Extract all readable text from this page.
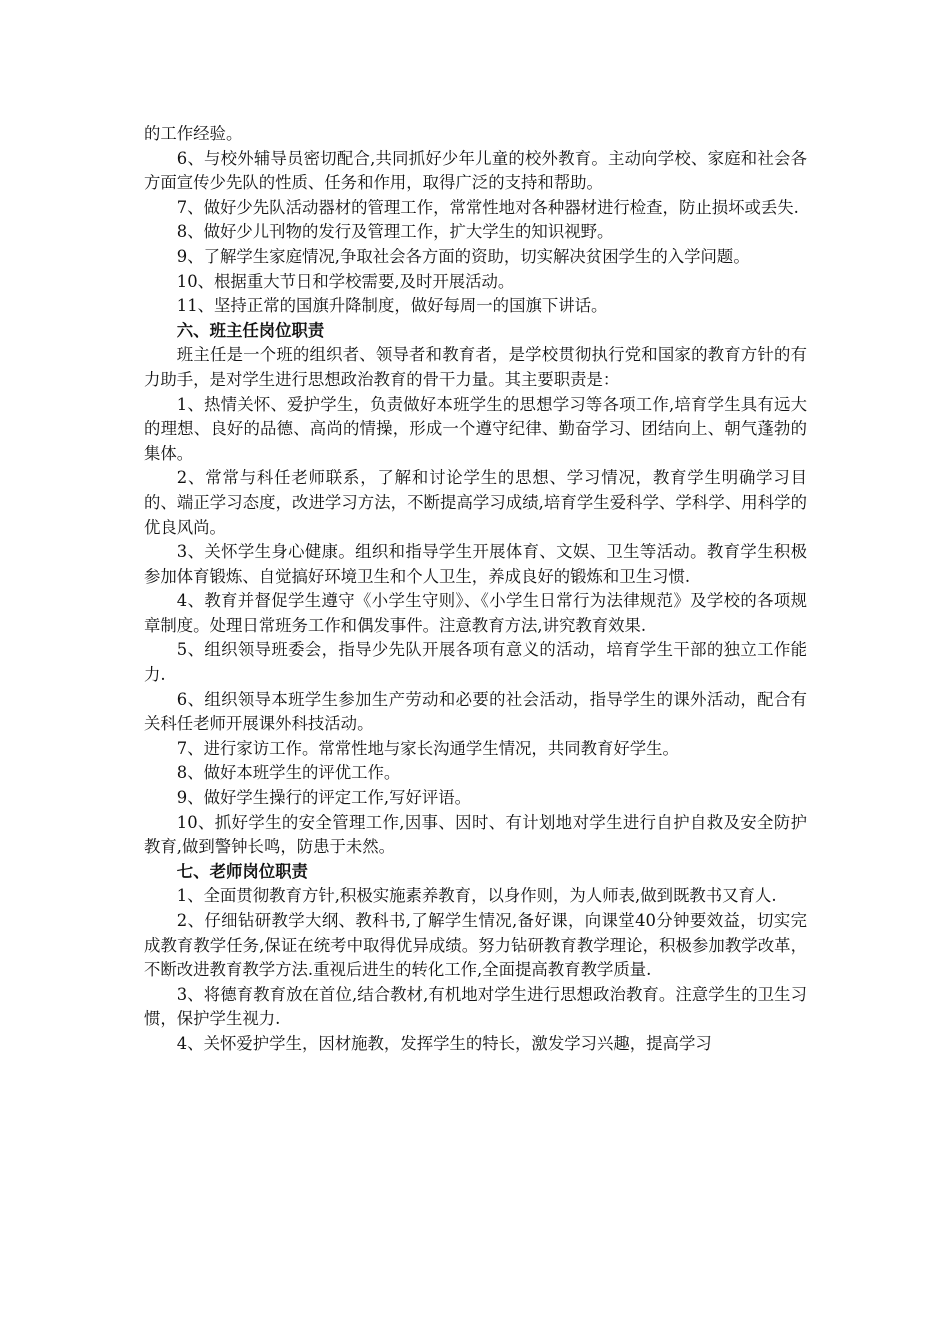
的工作经验。

6、与校外辅导员密切配合,共同抓好少年儿童的校外教育。主动向学校、家庭和社会各方面宣传少先队的性质、任务和作用，取得广泛的支持和帮助。

7、做好少先队活动器材的管理工作，常常性地对各种器材进行检查，防止损坏或丢失.

8、做好少儿刊物的发行及管理工作，扩大学生的知识视野。

9、了解学生家庭情况,争取社会各方面的资助，切实解决贫困学生的入学问题。

10、根据重大节日和学校需要,及时开展活动。

11、坚持正常的国旗升降制度，做好每周一的国旗下讲话。

六、班主任岗位职责

班主任是一个班的组织者、领导者和教育者，是学校贯彻执行党和国家的教育方针的有力助手，是对学生进行思想政治教育的骨干力量。其主要职责是：

1、热情关怀、爱护学生，负责做好本班学生的思想学习等各项工作,培育学生具有远大的理想、良好的品德、高尚的情操，形成一个遵守纪律、勤奋学习、团结向上、朝气蓬勃的集体。

2、常常与科任老师联系，了解和讨论学生的思想、学习情况，教育学生明确学习目的、端正学习态度，改进学习方法，不断提高学习成绩,培育学生爱科学、学科学、用科学的优良风尚。

3、关怀学生身心健康。组织和指导学生开展体育、文娱、卫生等活动。教育学生积极参加体育锻炼、自觉搞好环境卫生和个人卫生，养成良好的锻炼和卫生习惯.

4、教育并督促学生遵守《小学生守则》、《小学生日常行为法律规范》及学校的各项规章制度。处理日常班务工作和偶发事件。注意教育方法,讲究教育效果.

5、组织领导班委会，指导少先队开展各项有意义的活动，培育学生干部的独立工作能力.

6、组织领导本班学生参加生产劳动和必要的社会活动，指导学生的课外活动，配合有关科任老师开展课外科技活动。

7、进行家访工作。常常性地与家长沟通学生情况，共同教育好学生。

8、做好本班学生的评优工作。

9、做好学生操行的评定工作,写好评语。

10、抓好学生的安全管理工作,因事、因时、有计划地对学生进行自护自救及安全防护教育,做到警钟长鸣，防患于未然。

七、老师岗位职责

1、全面贯彻教育方针,积极实施素养教育，以身作则，为人师表,做到既教书又育人.

2、仔细钻研教学大纲、教科书,了解学生情况,备好课，向课堂40分钟要效益，切实完成教育教学任务,保证在统考中取得优异成绩。努力钻研教育教学理论，积极参加教学改革，不断改进教育教学方法.重视后进生的转化工作,全面提高教育教学质量.

3、将德育教育放在首位,结合教材,有机地对学生进行思想政治教育。注意学生的卫生习惯，保护学生视力.

4、关怀爱护学生，因材施教，发挥学生的特长，激发学习兴趣，提高学习
